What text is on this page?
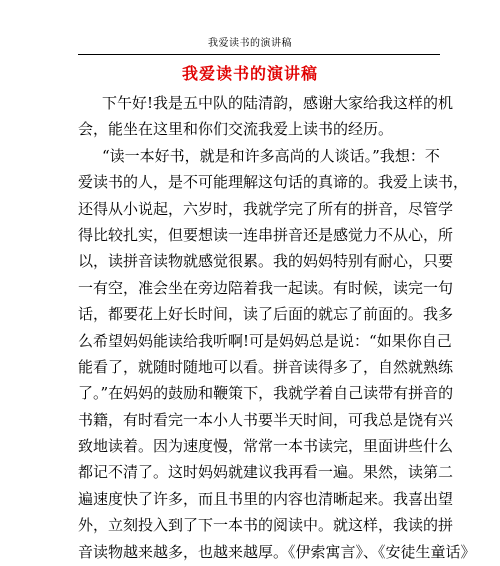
我爱读书的演讲稿
我爱读书的演讲稿
下午好!我是五中队的陆清韵，感谢大家给我这样的机
会，能坐在这里和你们交流我爱上读书的经历。
“读一本好书，就是和许多高尚的人谈话。”我想：不
爱读书的人，是不可能理解这句话的真谛的。我爱上读书，
还得从小说起，六岁时，我就学完了所有的拼音，尽管学
得比较扎实，但要想读一连串拼音还是感觉力不从心，所
以，读拼音读物就感觉很累。我的妈妈特别有耐心，只要
一有空，准会坐在旁边陪着我一起读。有时候，读完一句
话，都要花上好长时间，读了后面的就忘了前面的。我多
么希望妈妈能读给我听啊!可是妈妈总是说：“如果你自己
能看了，就随时随地可以看。拼音读得多了，自然就熟练
了。”在妈妈的鼓励和鞭策下，我就学着自己读带有拼音的
书籍，有时看完一本小人书要半天时间，可我总是饶有兴
致地读着。因为速度慢，常常一本书读完，里面讲些什么
都记不清了。这时妈妈就建议我再看一遍。果然，读第二
遍速度快了许多，而且书里的内容也清晰起来。我喜出望
外，立刻投入到了下一本书的阅读中。就这样，我读的拼
音读物越来越多，也越来越厚。《伊索寓言》、《安徒生童话》
